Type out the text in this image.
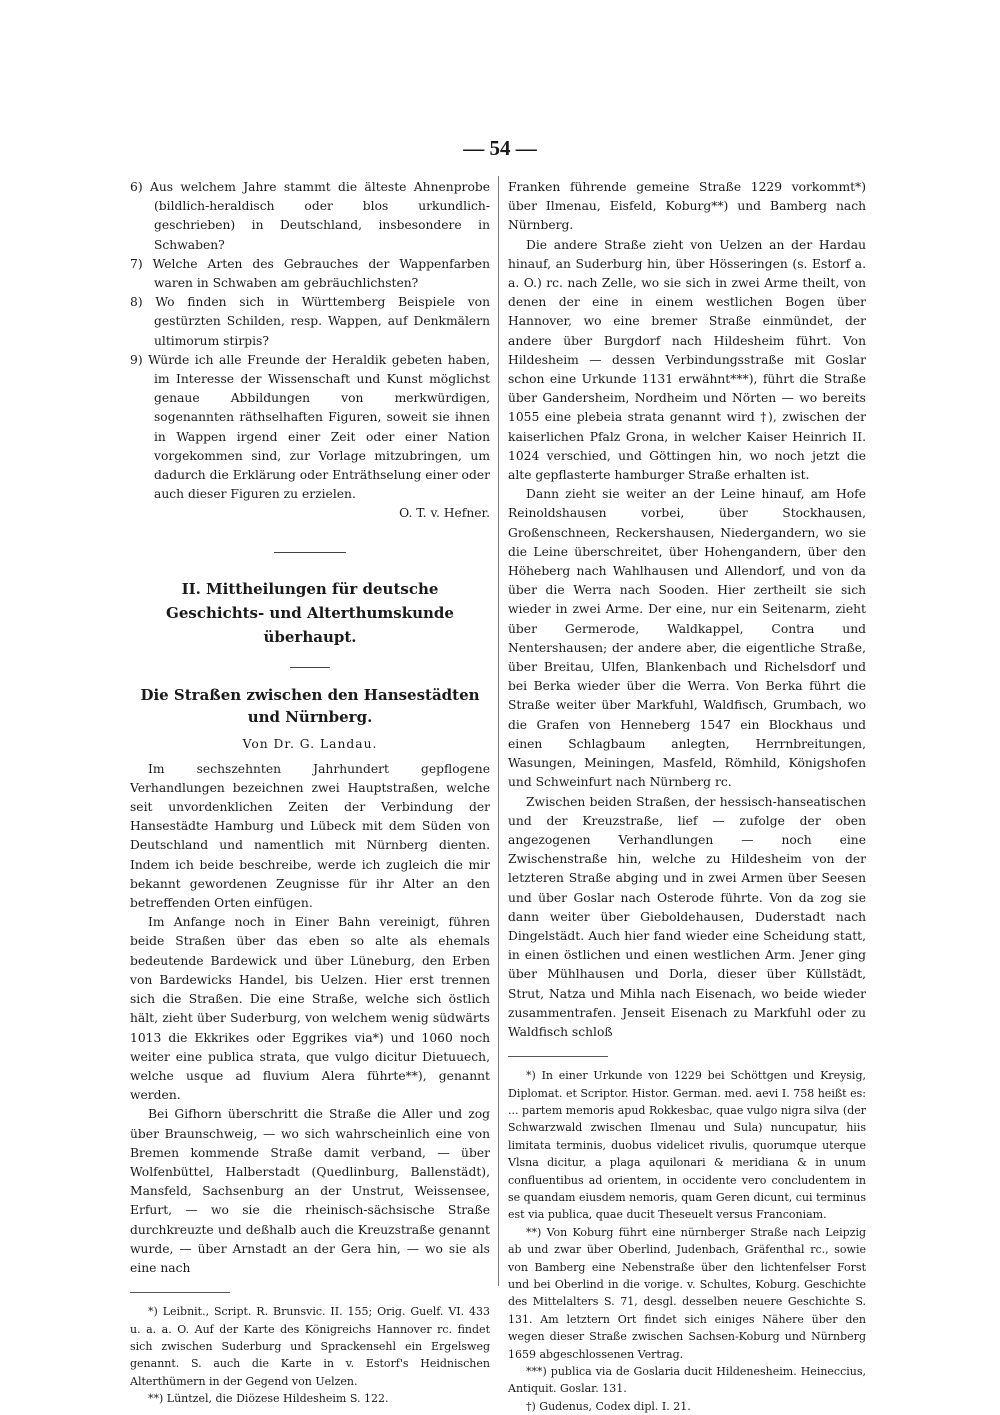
— 54 —

6) Aus welchem Jahre stammt die älteste Ahnenprobe (bildlich-heraldisch oder blos urkundlich-geschrieben) in Deutschland, insbesondere in Schwaben?

7) Welche Arten des Gebrauches der Wappenfarben waren in Schwaben am gebräuchlichsten?

8) Wo finden sich in Württemberg Beispiele von gestürzten Schilden, resp. Wappen, auf Denkmälern ultimorum stirpis?

9) Würde ich alle Freunde der Heraldik gebeten haben, im Interesse der Wissenschaft und Kunst möglichst genaue Abbildungen von merkwürdigen, sogenannten räthselhaften Figuren, soweit sie ihnen in Wappen irgend einer Zeit oder einer Nation vorgekommen sind, zur Vorlage mitzubringen, um dadurch die Erklärung oder Enträthselung einer oder auch dieser Figuren zu erzielen.

O. T. v. Hefner.

II. Mittheilungen für deutsche Geschichts- und Alterthumskunde überhaupt.

Die Straßen zwischen den Hansestädten und Nürnberg.

Von Dr. G. Landau.

Im sechszehnten Jahrhundert gepflogene Verhandlungen bezeichnen zwei Hauptstraßen, welche seit unvordenklichen Zeiten der Verbindung der Hansestädte Hamburg und Lübeck mit dem Süden von Deutschland und namentlich mit Nürnberg dienten. Indem ich beide beschreibe, werde ich zugleich die mir bekannt gewordenen Zeugnisse für ihr Alter an den betreffenden Orten einfügen.

Im Anfange noch in Einer Bahn vereinigt, führen beide Straßen über das eben so alte als ehemals bedeutende Bardewick und über Lüneburg, den Erben von Bardewicks Handel, bis Uelzen. Hier erst trennen sich die Straßen. Die eine Straße, welche sich östlich hält, zieht über Suderburg, von welchem wenig südwärts 1013 die Ekkrikes oder Eggrikes via*) und 1060 noch weiter eine publica strata, que vulgo dicitur Dietuuech, welche usque ad fluvium Alera führte**), genannt werden.

Bei Gifhorn überschritt die Straße die Aller und zog über Braunschweig, — wo sich wahrscheinlich eine von Bremen kommende Straße damit verband, — über Wolfenbüttel, Halberstadt (Quedlinburg, Ballenstädt), Mansfeld, Sachsenburg an der Unstrut, Weissensee, Erfurt, — wo sie die rheinisch-sächsische Straße durchkreuzte und deßhalb auch die Kreuzstraße genannt wurde, — über Arnstadt an der Gera hin, — wo sie als eine nach

*) Leibnit., Script. R. Brunsvic. II. 155; Orig. Guelf. VI. 433 u. a. a. O. Auf der Karte des Königreichs Hannover rc. findet sich zwischen Suderburg und Sprackensehl ein Ergelsweg genannt. S. auch die Karte in v. Estorf's Heidnischen Alterthümern in der Gegend von Uelzen.

**) Lüntzel, die Diözese Hildesheim S. 122.

Franken führende gemeine Straße 1229 vorkommt*) über Ilmenau, Eisfeld, Koburg**) und Bamberg nach Nürnberg.

Die andere Straße zieht von Uelzen an der Hardau hinauf, an Suderburg hin, über Hösseringen (s. Estorf a. a. O.) rc. nach Zelle, wo sie sich in zwei Arme theilt, von denen der eine in einem westlichen Bogen über Hannover, wo eine bremer Straße einmündet, der andere über Burgdorf nach Hildesheim führt. Von Hildesheim — dessen Verbindungsstraße mit Goslar schon eine Urkunde 1131 erwähnt***), führt die Straße über Gandersheim, Nordheim und Nörten — wo bereits 1055 eine plebeia strata genannt wird †), zwischen der kaiserlichen Pfalz Grona, in welcher Kaiser Heinrich II. 1024 verschied, und Göttingen hin, wo noch jetzt die alte gepflasterte hamburger Straße erhalten ist.

Dann zieht sie weiter an der Leine hinauf, am Hofe Reinoldshausen vorbei, über Stockhausen, Großenschneen, Reckershausen, Niedergandern, wo sie die Leine überschreitet, über Hohengandern, über den Höheberg nach Wahlhausen und Allendorf, und von da über die Werra nach Sooden. Hier zertheilt sie sich wieder in zwei Arme. Der eine, nur ein Seitenarm, zieht über Germerode, Waldkappel, Contra und Nentershausen; der andere aber, die eigentliche Straße, über Breitau, Ulfen, Blankenbach und Richelsdorf und bei Berka wieder über die Werra. Von Berka führt die Straße weiter über Markfuhl, Waldfisch, Grumbach, wo die Grafen von Henneberg 1547 ein Blockhaus und einen Schlagbaum anlegten, Herrnbreitungen, Wasungen, Meiningen, Masfeld, Römhild, Königshofen und Schweinfurt nach Nürnberg rc.

Zwischen beiden Straßen, der hessisch-hanseatischen und der Kreuzstraße, lief — zufolge der oben angezogenen Verhandlungen — noch eine Zwischenstraße hin, welche zu Hildesheim von der letzteren Straße abging und in zwei Armen über Seesen und über Goslar nach Osterode führte. Von da zog sie dann weiter über Gieboldehausen, Duderstadt nach Dingelstädt. Auch hier fand wieder eine Scheidung statt, in einen östlichen und einen westlichen Arm. Jener ging über Mühlhausen und Dorla, dieser über Küllstädt, Strut, Natza und Mihla nach Eisenach, wo beide wieder zusammentrafen. Jenseit Eisenach zu Markfuhl oder zu Waldfisch schloß

*) In einer Urkunde von 1229 bei Schöttgen und Kreysig, Diplomat. et Scriptor. Histor. German. med. aevi I. 758 heißt es: ... partem memoris apud Rokkesbac, quae vulgo nigra silva (der Schwarzwald zwischen Ilmenau und Sula) nuncupatur, hiis limitata terminis, duobus videlicet rivulis, quorumque uterque Vlsna dicitur, a plaga aquilonari & meridiana & in unum confluentibus ad orientem, in occidente vero concludentem in se quandam eiusdem nemoris, quam Geren dicunt, cui terminus est via publica, quae ducit Theseuelt versus Franconiam.

**) Von Koburg führt eine nürnberger Straße nach Leipzig ab und zwar über Oberlind, Judenbach, Gräfenthal rc., sowie von Bamberg eine Nebenstraße über den lichtenfelser Forst und bei Oberlind in die vorige. v. Schultes, Koburg. Geschichte des Mittelalters S. 71, desgl. desselben neuere Geschichte S. 131. Am letztern Ort findet sich einiges Nähere über den wegen dieser Straße zwischen Sachsen-Koburg und Nürnberg 1659 abgeschlossenen Vertrag.

***) publica via de Goslaria ducit Hildenesheim. Heineccius, Antiquit. Goslar. 131.

†) Gudenus, Codex dipl. I. 21.
